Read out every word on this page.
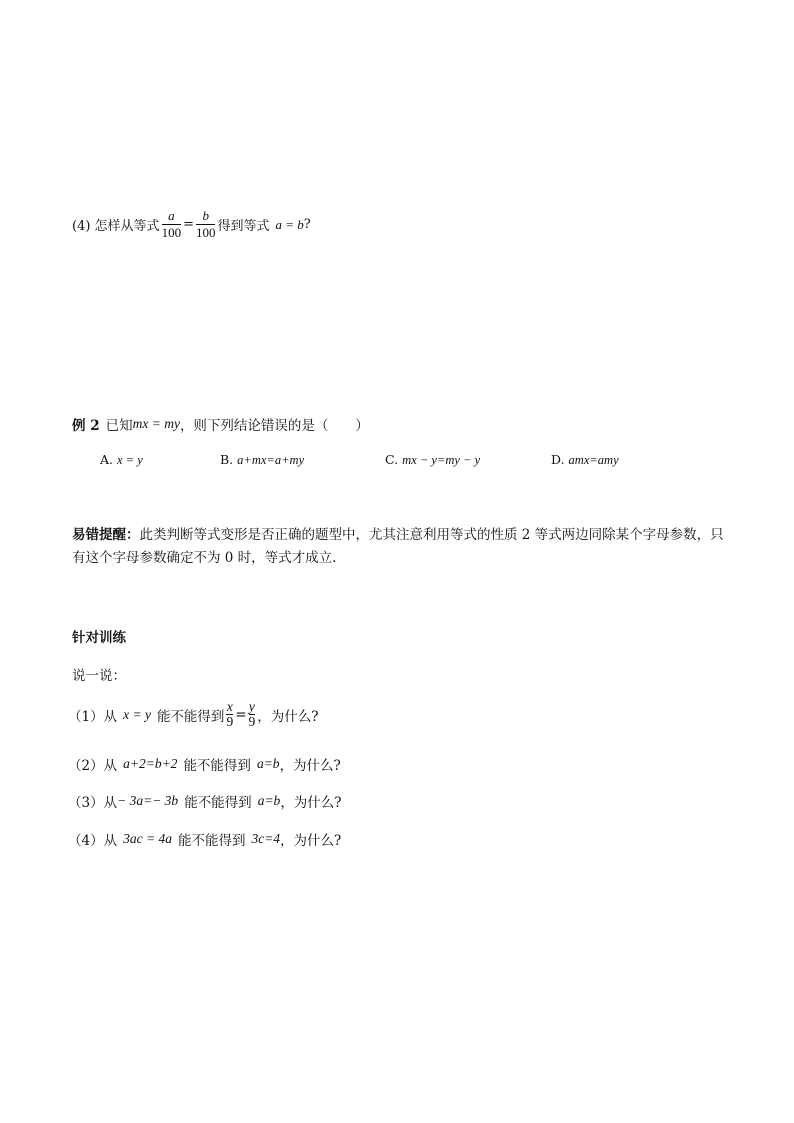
(4) 怎样从等式 $\frac{a}{100} = \frac{b}{100}$ 得到等式 a = b ?
例 2 已知 mx = my ，则下列结论错误的是（　　）
A. x = y	B. a+mx=a+my	C. mx − y=my − y	D. amx=amy
易错提醒：此类判断等式变形是否正确的题型中，尤其注意利用等式的性质 2 等式两边同除某个字母参数，只有这个字母参数确定不为 0 时，等式才成立.
针对训练
说一说：
（1） 从 x = y 能不能得到 $\frac{x}{9} = \frac{y}{9}$ ，为什么?
（2） 从 a+2=b+2 能不能得到 a=b ，为什么?
（3） 从 − 3a=− 3b 能不能得到 a=b ，为什么?
（4） 从 3ac = 4a 能不能得到 3c=4 ，为什么?
